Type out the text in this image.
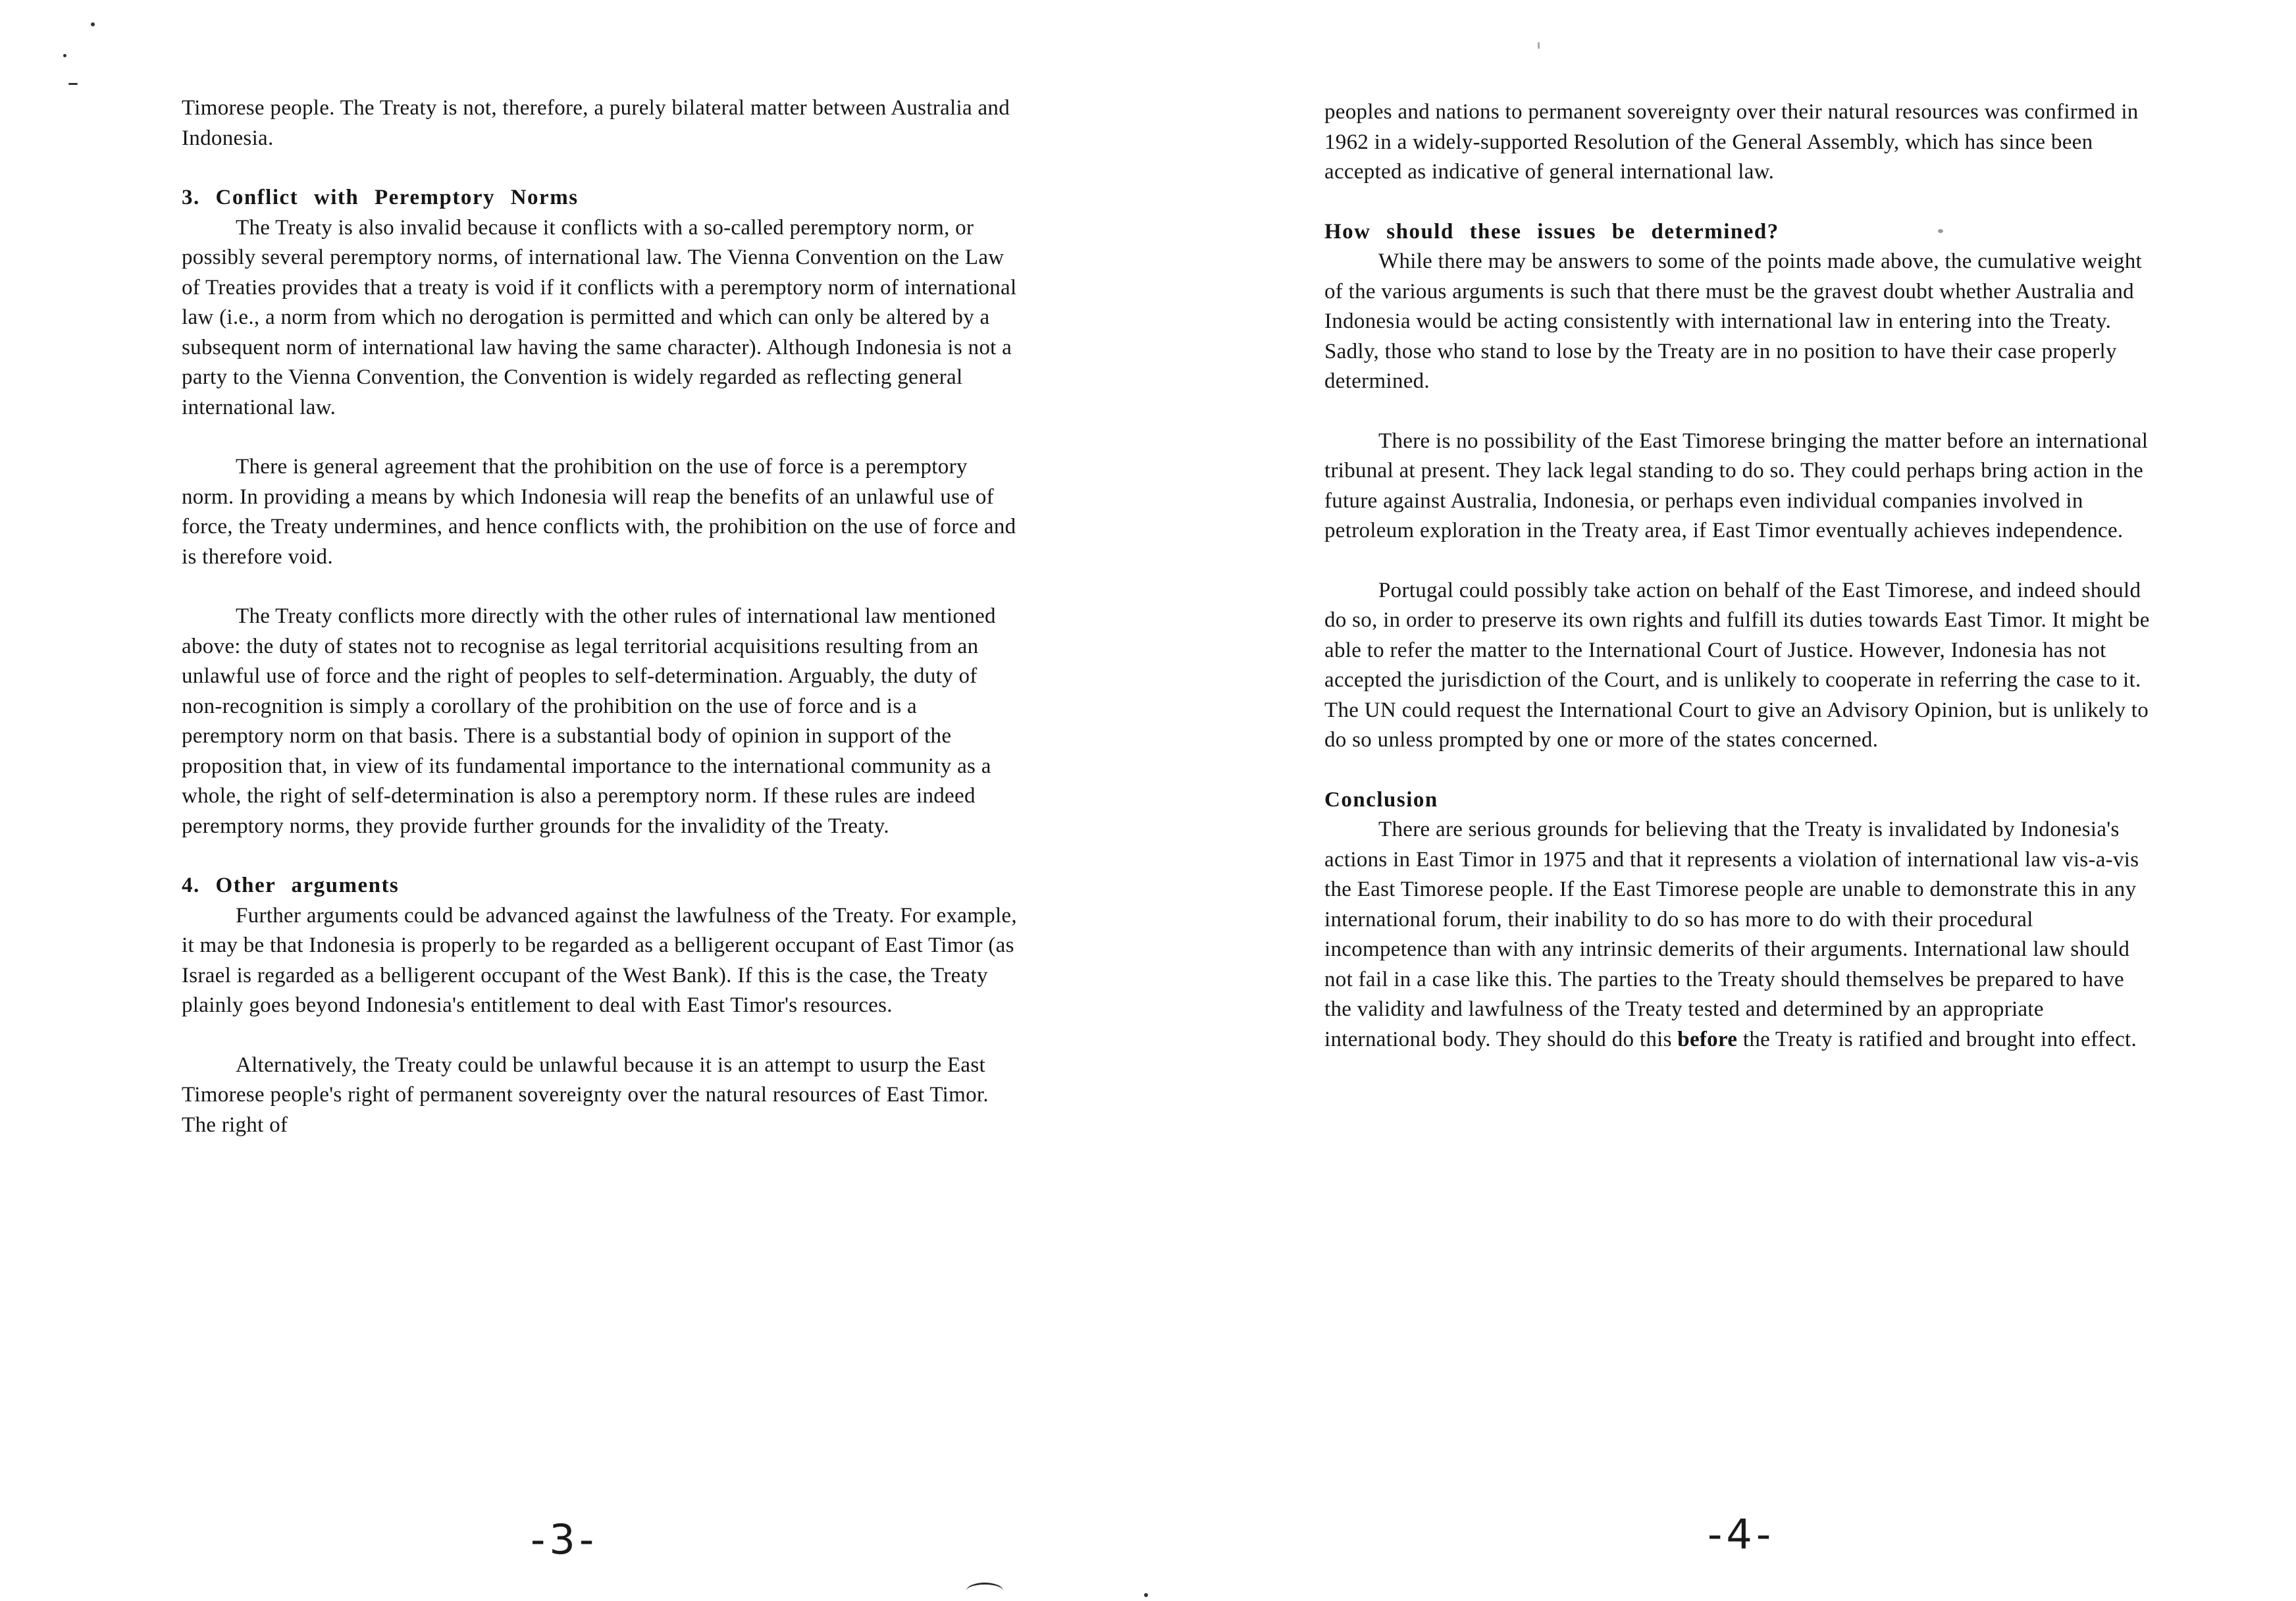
Timorese people. The Treaty is not, therefore, a purely bilateral matter between Australia and Indonesia.

3. Conflict with Peremptory Norms

The Treaty is also invalid because it conflicts with a so-called peremptory norm, or possibly several peremptory norms, of international law. The Vienna Convention on the Law of Treaties provides that a treaty is void if it conflicts with a peremptory norm of international law (i.e., a norm from which no derogation is permitted and which can only be altered by a subsequent norm of international law having the same character). Although Indonesia is not a party to the Vienna Convention, the Convention is widely regarded as reflecting general international law.

There is general agreement that the prohibition on the use of force is a peremptory norm. In providing a means by which Indonesia will reap the benefits of an unlawful use of force, the Treaty undermines, and hence conflicts with, the prohibition on the use of force and is therefore void.

The Treaty conflicts more directly with the other rules of international law mentioned above: the duty of states not to recognise as legal territorial acquisitions resulting from an unlawful use of force and the right of peoples to self-determination. Arguably, the duty of non-recognition is simply a corollary of the prohibition on the use of force and is a peremptory norm on that basis. There is a substantial body of opinion in support of the proposition that, in view of its fundamental importance to the international community as a whole, the right of self-determination is also a peremptory norm. If these rules are indeed peremptory norms, they provide further grounds for the invalidity of the Treaty.

4. Other arguments

Further arguments could be advanced against the lawfulness of the Treaty. For example, it may be that Indonesia is properly to be regarded as a belligerent occupant of East Timor (as Israel is regarded as a belligerent occupant of the West Bank). If this is the case, the Treaty plainly goes beyond Indonesia's entitlement to deal with East Timor's resources.

Alternatively, the Treaty could be unlawful because it is an attempt to usurp the East Timorese people's right of permanent sovereignty over the natural resources of East Timor. The right of

-3-

peoples and nations to permanent sovereignty over their natural resources was confirmed in 1962 in a widely-supported Resolution of the General Assembly, which has since been accepted as indicative of general international law.

How should these issues be determined?

While there may be answers to some of the points made above, the cumulative weight of the various arguments is such that there must be the gravest doubt whether Australia and Indonesia would be acting consistently with international law in entering into the Treaty. Sadly, those who stand to lose by the Treaty are in no position to have their case properly determined.

There is no possibility of the East Timorese bringing the matter before an international tribunal at present. They lack legal standing to do so. They could perhaps bring action in the future against Australia, Indonesia, or perhaps even individual companies involved in petroleum exploration in the Treaty area, if East Timor eventually achieves independence.

Portugal could possibly take action on behalf of the East Timorese, and indeed should do so, in order to preserve its own rights and fulfill its duties towards East Timor. It might be able to refer the matter to the International Court of Justice. However, Indonesia has not accepted the jurisdiction of the Court, and is unlikely to cooperate in referring the case to it. The UN could request the International Court to give an Advisory Opinion, but is unlikely to do so unless prompted by one or more of the states concerned.

Conclusion

There are serious grounds for believing that the Treaty is invalidated by Indonesia's actions in East Timor in 1975 and that it represents a violation of international law vis-a-vis the East Timorese people. If the East Timorese people are unable to demonstrate this in any international forum, their inability to do so has more to do with their procedural incompetence than with any intrinsic demerits of their arguments. International law should not fail in a case like this. The parties to the Treaty should themselves be prepared to have the validity and lawfulness of the Treaty tested and determined by an appropriate international body. They should do this before the Treaty is ratified and brought into effect.

-4-
